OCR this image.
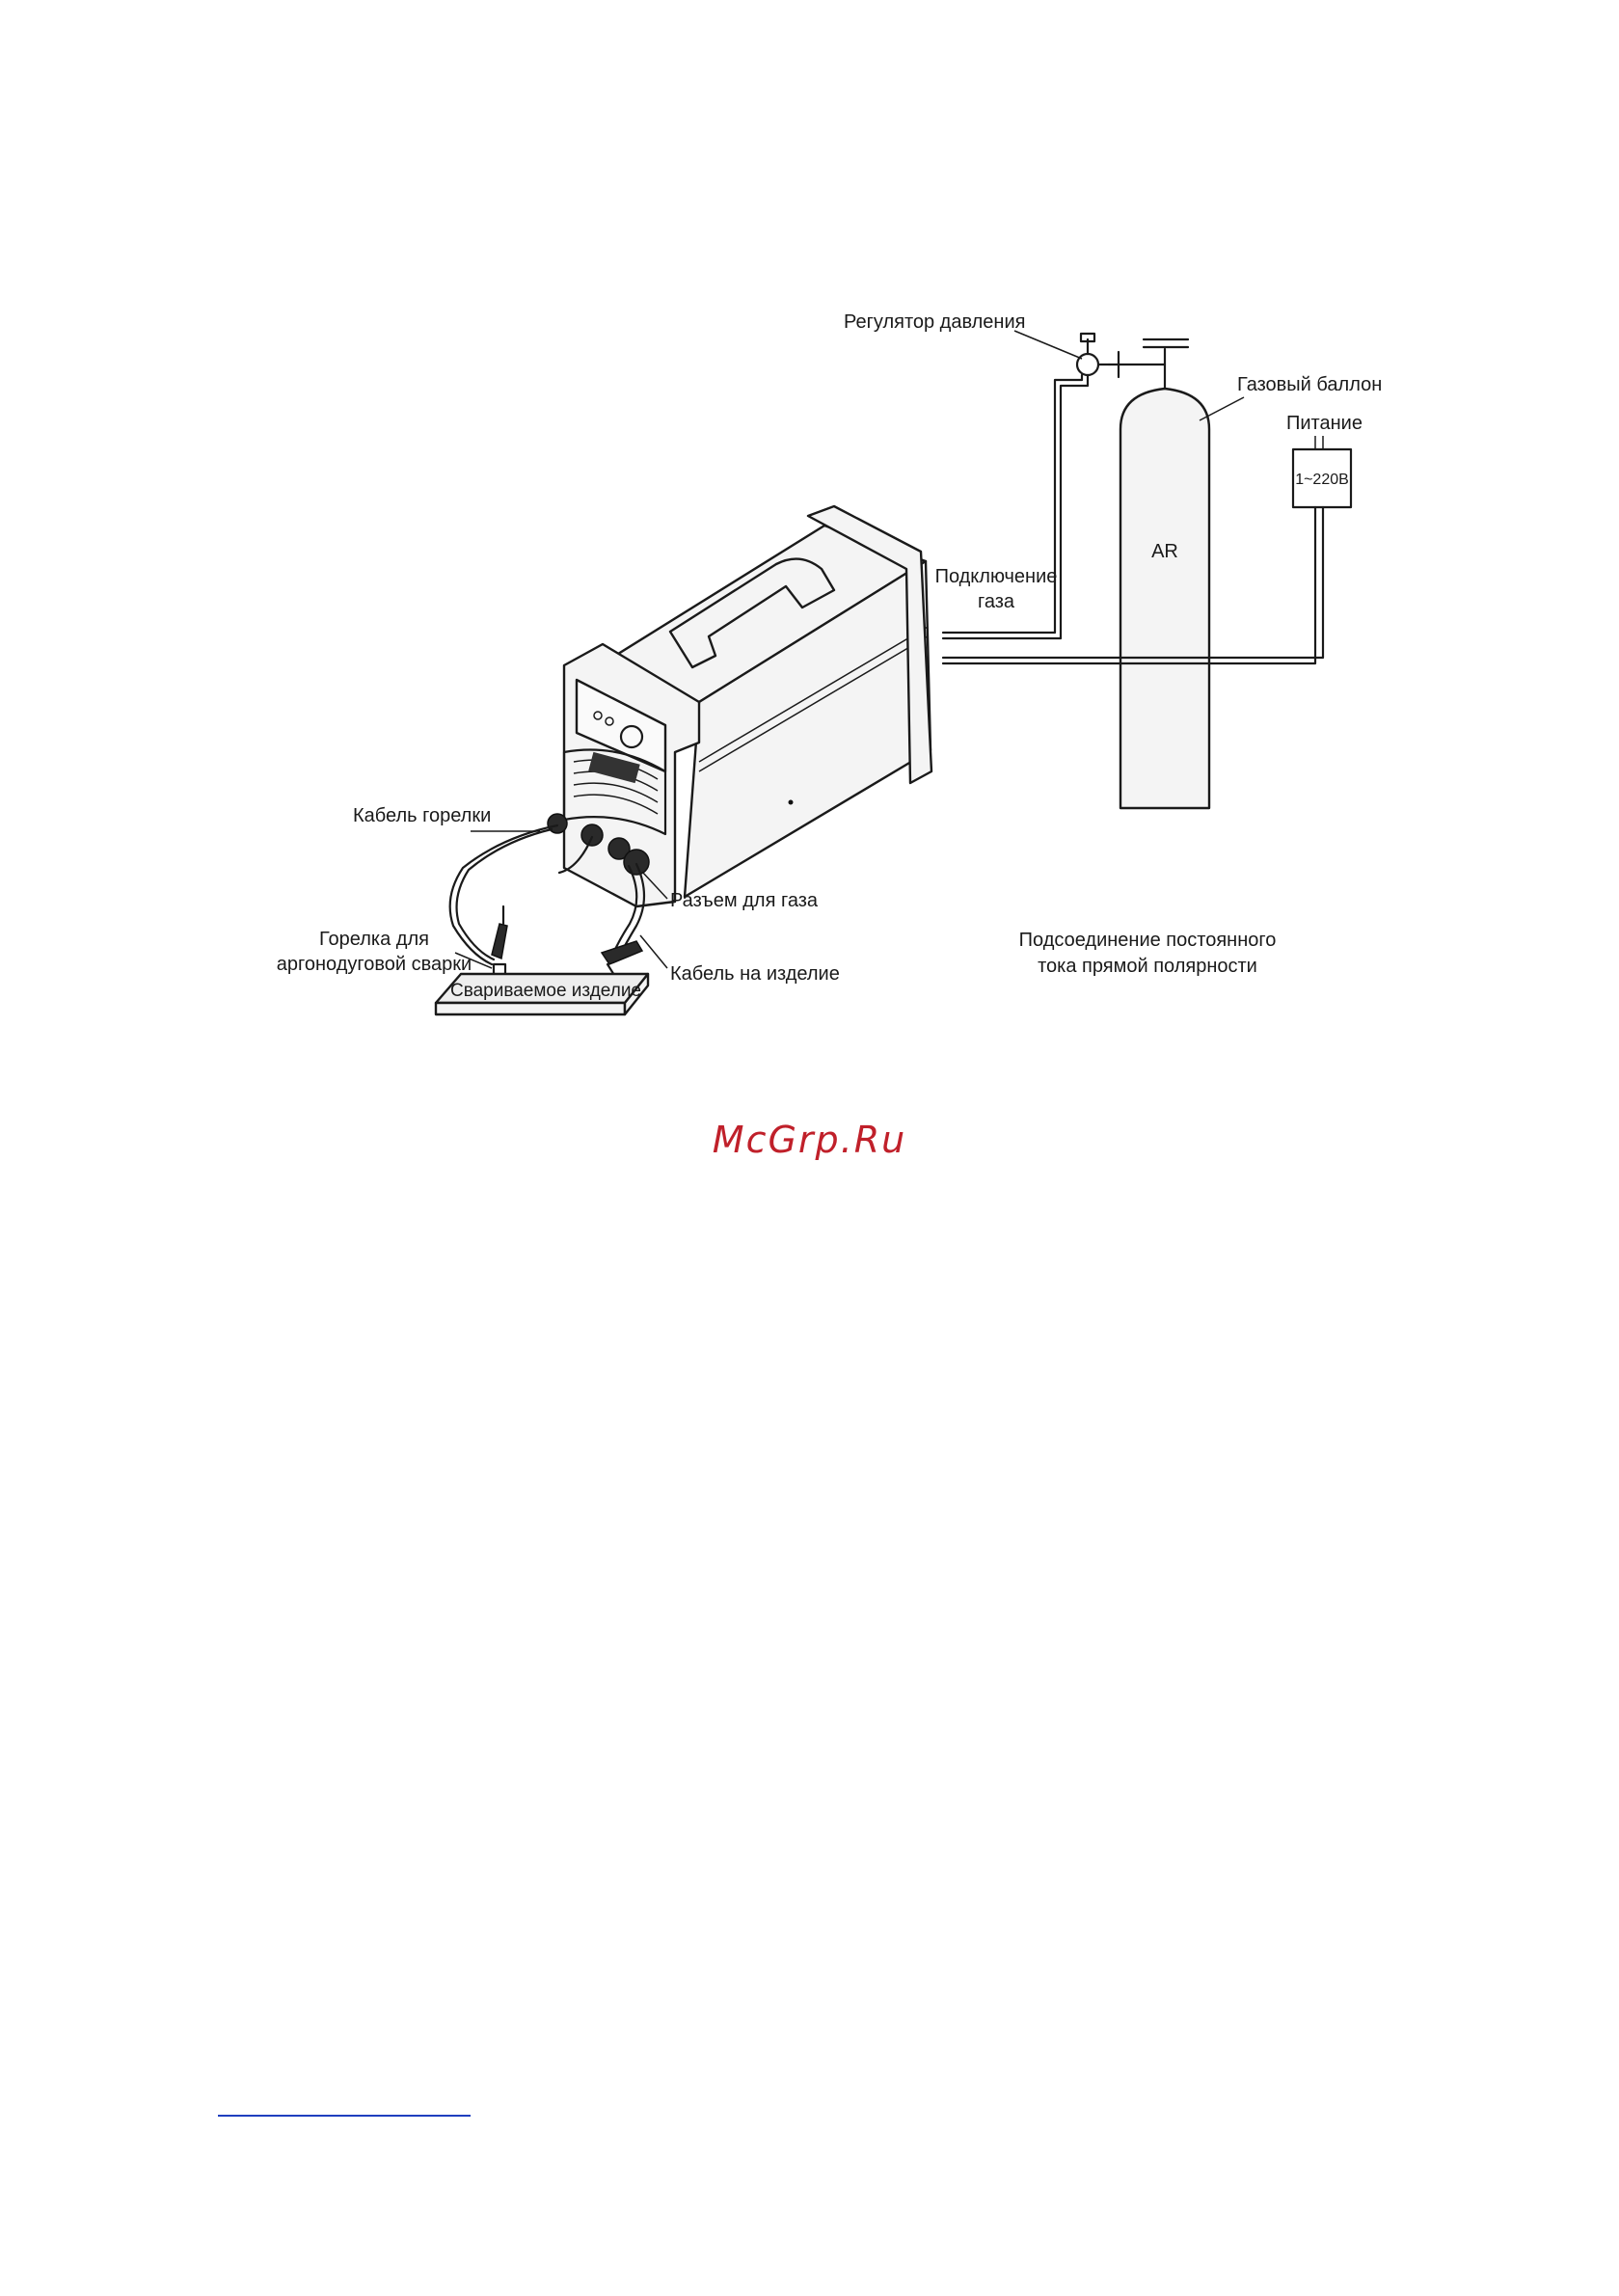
AR
Регулятор давления
Газовый баллон
Питание
1~220В
Подключение
газа
Свариваемое изделие
Кабель горелки
Горелка для
аргонодуговой сварки
Разъем для газа
Кабель на изделие
Подсоединение постоянного
тока прямой полярности
McGrp.Ru
